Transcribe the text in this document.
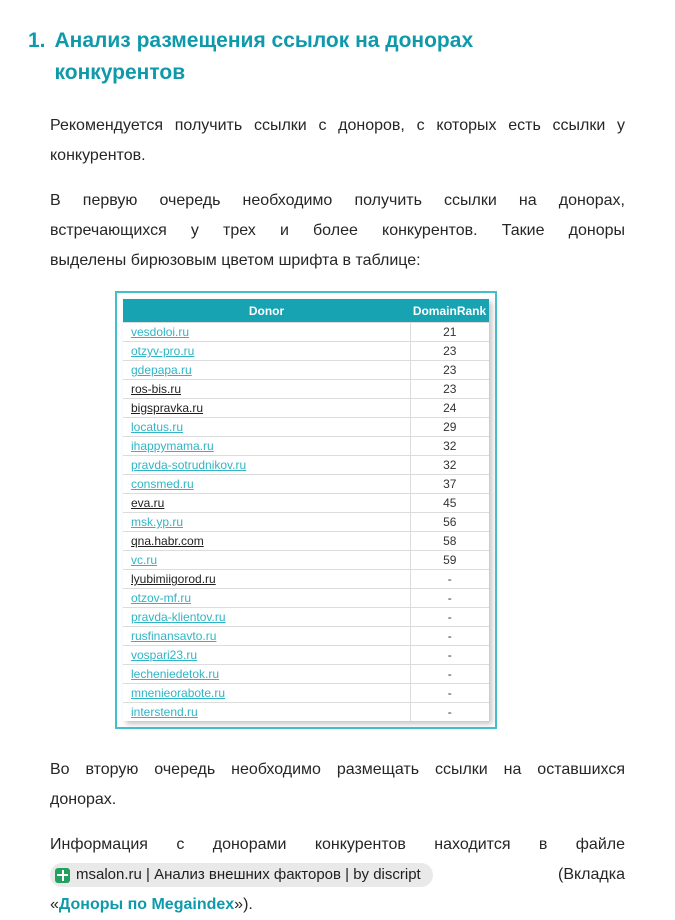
1. Анализ размещения ссылок на донорах конкурентов

Рекомендуется получить ссылки с доноров, с которых есть ссылки у
конкурентов.

В первую очередь необходимо получить ссылки на донорах,
встречающихся у трех и более конкурентов. Такие доноры
выделены бирюзовым цветом шрифта в таблице:

Donor	DomainRank
vesdoloi.ru	21
otzyv-pro.ru	23
gdepapa.ru	23
ros-bis.ru	23
bigspravka.ru	24
locatus.ru	29
ihappymama.ru	32
pravda-sotrudnikov.ru	32
consmed.ru	37
eva.ru	45
msk.yp.ru	56
qna.habr.com	58
vc.ru	59
lyubimiigorod.ru	-
otzov-mf.ru	-
pravda-klientov.ru	-
rusfinansavto.ru	-
vospari23.ru	-
lecheniedetok.ru	-
mnenieorabote.ru	-
interstend.ru	-

Во вторую очередь необходимо размещать ссылки на оставшихся
донорах.

Информация с донорами конкурентов находится в файле
msalon.ru | Анализ внешних факторов | by discript	(Вкладка
«Доноры по Megaindex»).
